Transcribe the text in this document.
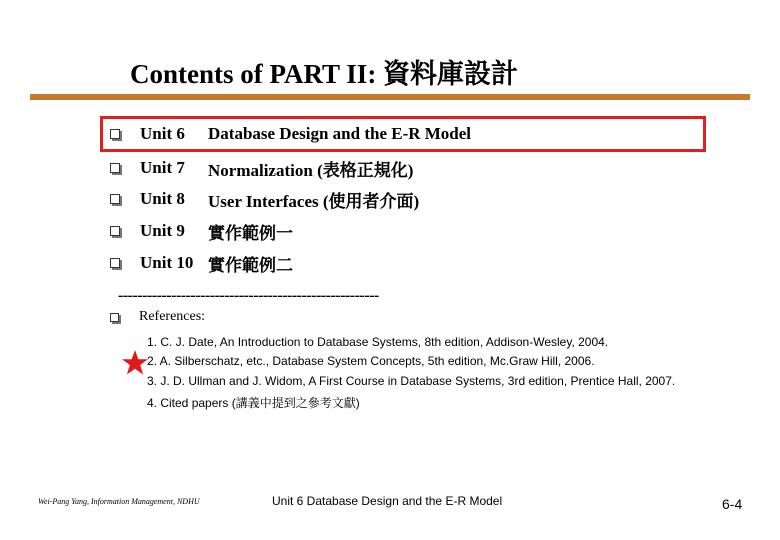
Contents of PART II: 資料庫設計
Unit 6	Database Design and the E-R Model
Unit 7	Normalization (表格正規化)
Unit 8	User Interfaces (使用者介面)
Unit 9	實作範例一
Unit 10 實作範例二
------------------------------------------------------
References:
1. C. J. Date, An Introduction to Database Systems, 8th edition, Addison-Wesley, 2004.
2. A. Silberschatz, etc., Database System Concepts, 5th edition, Mc.Graw Hill, 2006.
3. J. D. Ullman and J. Widom, A First Course in Database Systems, 3rd edition, Prentice Hall, 2007.
4. Cited papers (講義中提到之參考文獻)
Wei-Pang Yang, Information Management, NDHU	Unit 6 Database Design and the E-R Model	6-4
